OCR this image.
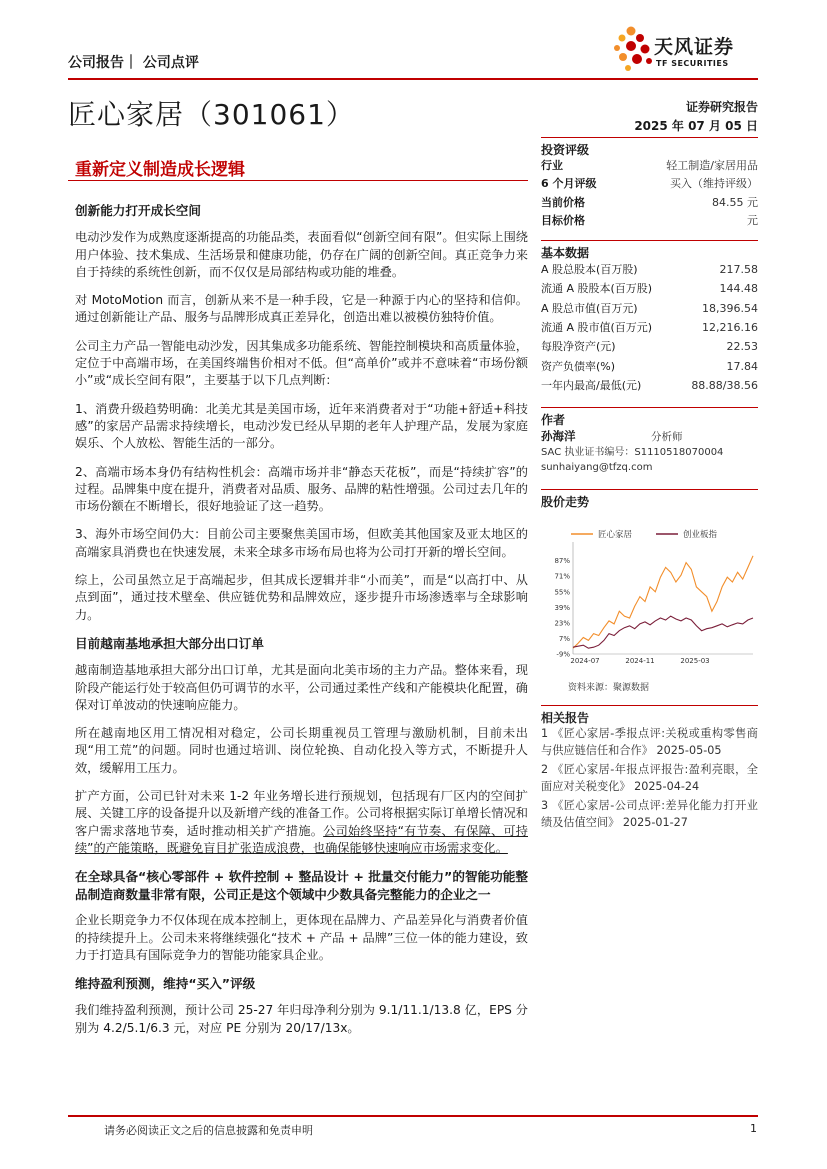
公司报告｜ 公司点评
天风证券
TF SECURITIES
匠心家居（301061）	证券研究报告
2025 年 07 月 05 日
重新定义制造成长逻辑
创新能力打开成长空间
电动沙发作为成熟度逐渐提高的功能品类，表面看似“创新空间有限”。但实际上围绕用户体验、技术集成、生活场景和健康功能，仍存在广阔的创新空间。真正竞争力来自于持续的系统性创新，而不仅仅是局部结构或功能的堆叠。
对 MotoMotion 而言，创新从来不是一种手段，它是一种源于内心的坚持和信仰。通过创新能让产品、服务与品牌形成真正差异化，创造出难以被模仿独特价值。
公司主力产品一智能电动沙发，因其集成多功能系统、智能控制模块和高质量体验，定位于中高端市场，在美国终端售价相对不低。但“高单价”或并不意味着“市场份额小”或“成长空间有限”，主要基于以下几点判断：
1、消费升级趋势明确：北美尤其是美国市场，近年来消费者对于“功能+舒适+科技感”的家居产品需求持续增长，电动沙发已经从早期的老年人护理产品，发展为家庭娱乐、个人放松、智能生活的一部分。
2、高端市场本身仍有结构性机会：高端市场并非“静态天花板”，而是“持续扩容”的过程。品牌集中度在提升，消费者对品质、服务、品牌的粘性增强。公司过去几年的市场份额在不断增长，很好地验证了这一趋势。
3、海外市场空间仍大：目前公司主要聚焦美国市场，但欧美其他国家及亚太地区的高端家具消费也在快速发展，未来全球多市场布局也将为公司打开新的增长空间。
综上，公司虽然立足于高端起步，但其成长逻辑并非“小而美”，而是“以高打中、从点到面”，通过技术壁垒、供应链优势和品牌效应，逐步提升市场渗透率与全球影响力。
目前越南基地承担大部分出口订单
越南制造基地承担大部分出口订单，尤其是面向北美市场的主力产品。整体来看，现阶段产能运行处于较高但仍可调节的水平，公司通过柔性产线和产能模块化配置，确保对订单波动的快速响应能力。
所在越南地区用工情况相对稳定，公司长期重视员工管理与激励机制，目前未出现“用工荒”的问题。同时也通过培训、岗位轮换、自动化投入等方式，不断提升人效，缓解用工压力。
扩产方面，公司已针对未来 1-2 年业务增长进行预规划，包括现有厂区内的空间扩展、关键工序的设备提升以及新增产线的准备工作。公司将根据实际订单增长情况和客户需求落地节奏，适时推动相关扩产措施。公司始终坚持“有节奏、有保障、可持续”的产能策略，既避免盲目扩张造成浪费，也确保能够快速响应市场需求变化。
在全球具备“核心零部件 + 软件控制 + 整品设计 + 批量交付能力”的智能功能整品制造商数量非常有限，公司正是这个领域中少数具备完整能力的企业之一
企业长期竞争力不仅体现在成本控制上，更体现在品牌力、产品差异化与消费者价值的持续提升上。公司未来将继续强化“技术 + 产品 + 品牌”三位一体的能力建设，致力于打造具有国际竞争力的智能功能家具企业。
维持盈利预测，维持“买入”评级
我们维持盈利预测，预计公司 25-27 年归母净利分别为 9.1/11.1/13.8 亿，EPS 分别为 4.2/5.1/6.3 元，对应 PE 分别为 20/17/13x。
投资评级
行业	轻工制造/家居用品
6 个月评级	买入（维持评级）
当前价格	84.55 元
目标价格	元
基本数据
A 股总股本(百万股)	217.58
流通 A 股股本(百万股)	144.48
A 股总市值(百万元)	18,396.54
流通 A 股市值(百万元)	12,216.16
每股净资产(元)	22.53
资产负债率(%)	17.84
一年内最高/最低(元)	88.88/38.56
作者
孙海洋	分析师
SAC 执业证书编号：S1110518070004
sunhaiyang@tfzq.com
股价走势
匠心家居	创业板指
-9%
7%
23%
39%
55%
71%
87%
2024-07	2024-11	2025-03
资料来源：聚源数据
相关报告
1 《匠心家居-季报点评:关税或重构零售商与供应链信任和合作》 2025-05-05
2 《匠心家居-年报点评报告:盈利亮眼，全面应对关税变化》 2025-04-24
3 《匠心家居-公司点评:差异化能力打开业绩及估值空间》 2025-01-27
请务必阅读正文之后的信息披露和免责申明	1
